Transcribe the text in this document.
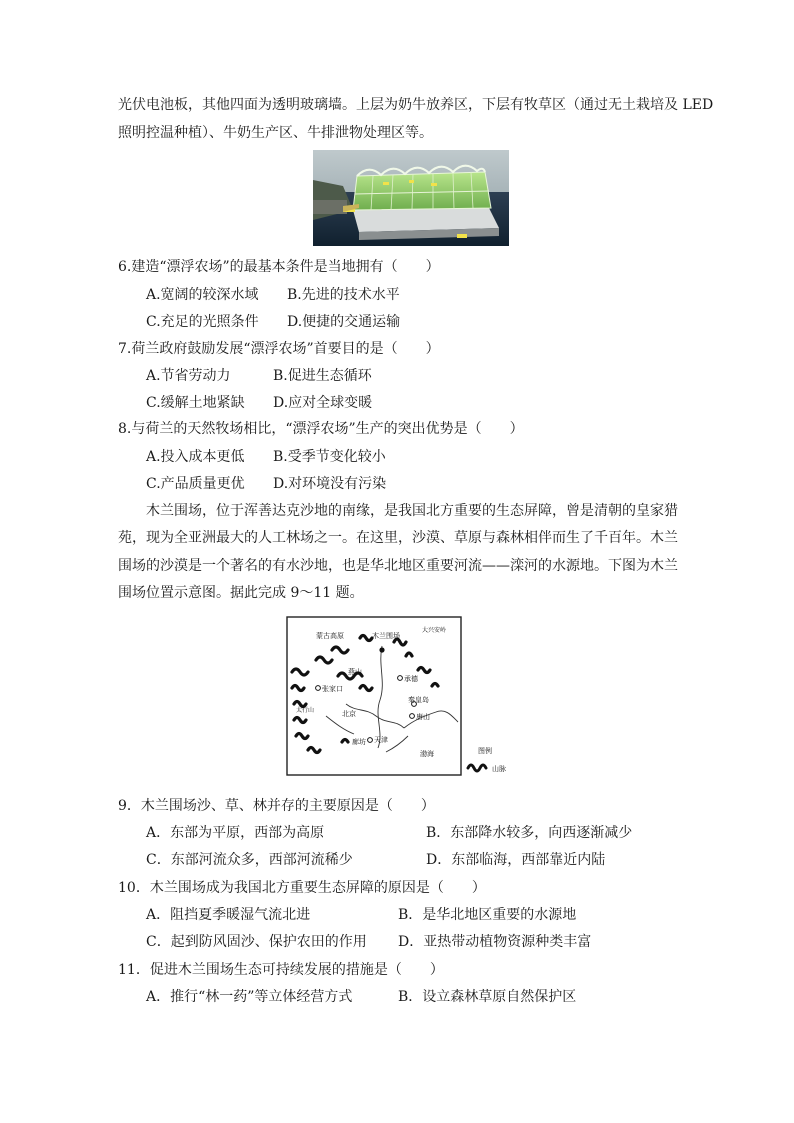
光伏电池板，其他四面为透明玻璃墙。上层为奶牛放养区，下层有牧草区（通过无土栽培及 LED
照明控温种植）、牛奶生产区、牛排泄物处理区等。
6.建造“漂浮农场”的最基本条件是当地拥有（　　）
A.宽阔的较深水域 B.先进的技术水平
C.充足的光照条件 D.便捷的交通运输
7.荷兰政府鼓励发展“漂浮农场”首要目的是（　　）
A.节省劳动力	B.促进生态循环
C.缓解土地紧缺 D.应对全球变暖
8.与荷兰的天然牧场相比，“漂浮农场”生产的突出优势是（　　）
A.投入成本更低 B.受季节变化较小
C.产品质量更优 D.对环境没有污染
木兰围场，位于浑善达克沙地的南缘，是我国北方重要的生态屏障，曾是清朝的皇家猎
苑，现为全亚洲最大的人工林场之一。在这里，沙漠、草原与森林相伴而生了千百年。木兰
围场的沙漠是一个著名的有水沙地，也是华北地区重要河流——滦河的水源地。下图为木兰
围场位置示意图。据此完成 9～11 题。
蒙古高原	木兰围场
大兴安岭
燕山
张家口
承德
太行山	北京
秦皇岛
唐山
廊坊 天津
渤海	图例
山脉
9．木兰围场沙、草、林并存的主要原因是（　　）
A．东部为平原，西部为高原	B．东部降水较多，向西逐渐减少
C．东部河流众多，西部河流稀少	D．东部临海，西部靠近内陆
10．木兰围场成为我国北方重要生态屏障的原因是（　　）
A．阻挡夏季暖湿气流北进	B．是华北地区重要的水源地
C．起到防风固沙、保护农田的作用 D．亚热带动植物资源种类丰富
11．促进木兰围场生态可持续发展的措施是（　　）
A．推行“林一药”等立体经营方式	B．设立森林草原自然保护区
